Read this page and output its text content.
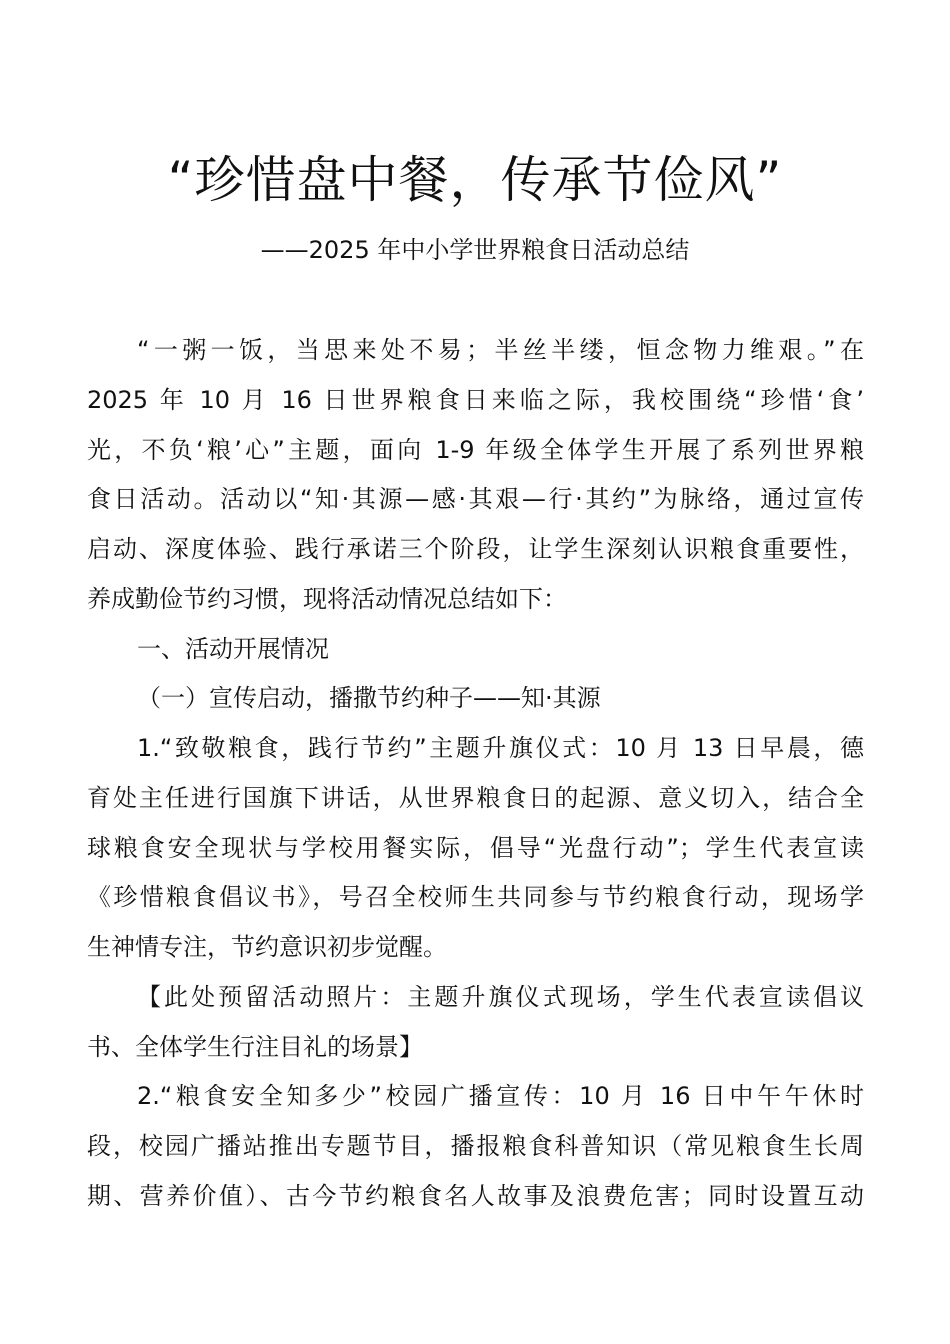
“珍惜盘中餐，传承节俭风”
——2025 年中小学世界粮食日活动总结
“一粥一饭，当思来处不易；半丝半缕，恒念物力维艰。”在
2025 年 10 月 16 日世界粮食日来临之际，我校围绕“珍惜‘食’
光，不负‘粮’心”主题，面向 1-9 年级全体学生开展了系列世界粮
食日活动。活动以“知·其源—感·其艰—行·其约”为脉络，通过宣传
启动、深度体验、践行承诺三个阶段，让学生深刻认识粮食重要性，
养成勤俭节约习惯，现将活动情况总结如下：
一、活动开展情况
（一）宣传启动，播撒节约种子——知·其源
1.“致敬粮食，践行节约”主题升旗仪式：10 月 13 日早晨，德
育处主任进行国旗下讲话，从世界粮食日的起源、意义切入，结合全
球粮食安全现状与学校用餐实际，倡导“光盘行动”；学生代表宣读
《珍惜粮食倡议书》，号召全校师生共同参与节约粮食行动，现场学
生神情专注，节约意识初步觉醒。
【此处预留活动照片：主题升旗仪式现场，学生代表宣读倡议
书、全体学生行注目礼的场景】
2.“粮食安全知多少”校园广播宣传：10 月 16 日中午午休时
段，校园广播站推出专题节目，播报粮食科普知识（常见粮食生长周
期、营养价值）、古今节约粮食名人故事及浪费危害；同时设置互动
